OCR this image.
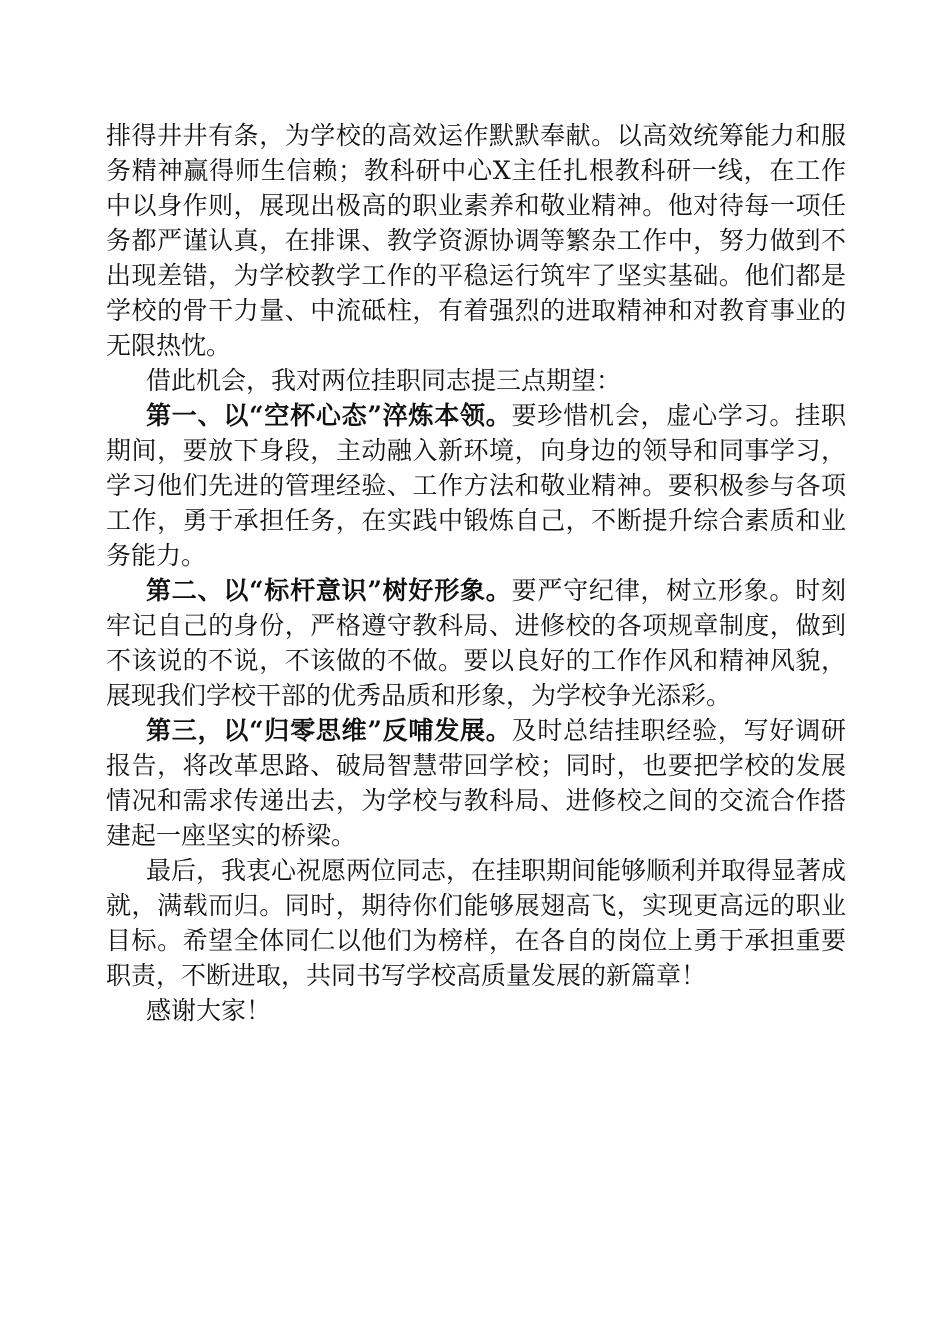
排得井井有条，为学校的高效运作默默奉献。以高效统筹能力和服务精神赢得师生信赖；教科研中心X主任扎根教科研一线，在工作中以身作则，展现出极高的职业素养和敬业精神。他对待每一项任务都严谨认真，在排课、教学资源协调等繁杂工作中，努力做到不出现差错，为学校教学工作的平稳运行筑牢了坚实基础。他们都是学校的骨干力量、中流砥柱，有着强烈的进取精神和对教育事业的无限热忱。

借此机会，我对两位挂职同志提三点期望：

第一、以“空杯心态”淬炼本领。要珍惜机会，虚心学习。挂职期间，要放下身段，主动融入新环境，向身边的领导和同事学习，学习他们先进的管理经验、工作方法和敬业精神。要积极参与各项工作，勇于承担任务，在实践中锻炼自己，不断提升综合素质和业务能力。

第二、以“标杆意识”树好形象。要严守纪律，树立形象。时刻牢记自己的身份，严格遵守教科局、进修校的各项规章制度，做到不该说的不说，不该做的不做。要以良好的工作作风和精神风貌，展现我们学校干部的优秀品质和形象，为学校争光添彩。

第三，以“归零思维”反哺发展。及时总结挂职经验，写好调研报告，将改革思路、破局智慧带回学校；同时，也要把学校的发展情况和需求传递出去，为学校与教科局、进修校之间的交流合作搭建起一座坚实的桥梁。

最后，我衷心祝愿两位同志，在挂职期间能够顺利并取得显著成就，满载而归。同时，期待你们能够展翅高飞，实现更高远的职业目标。希望全体同仁以他们为榜样，在各自的岗位上勇于承担重要职责，不断进取，共同书写学校高质量发展的新篇章！

感谢大家！
